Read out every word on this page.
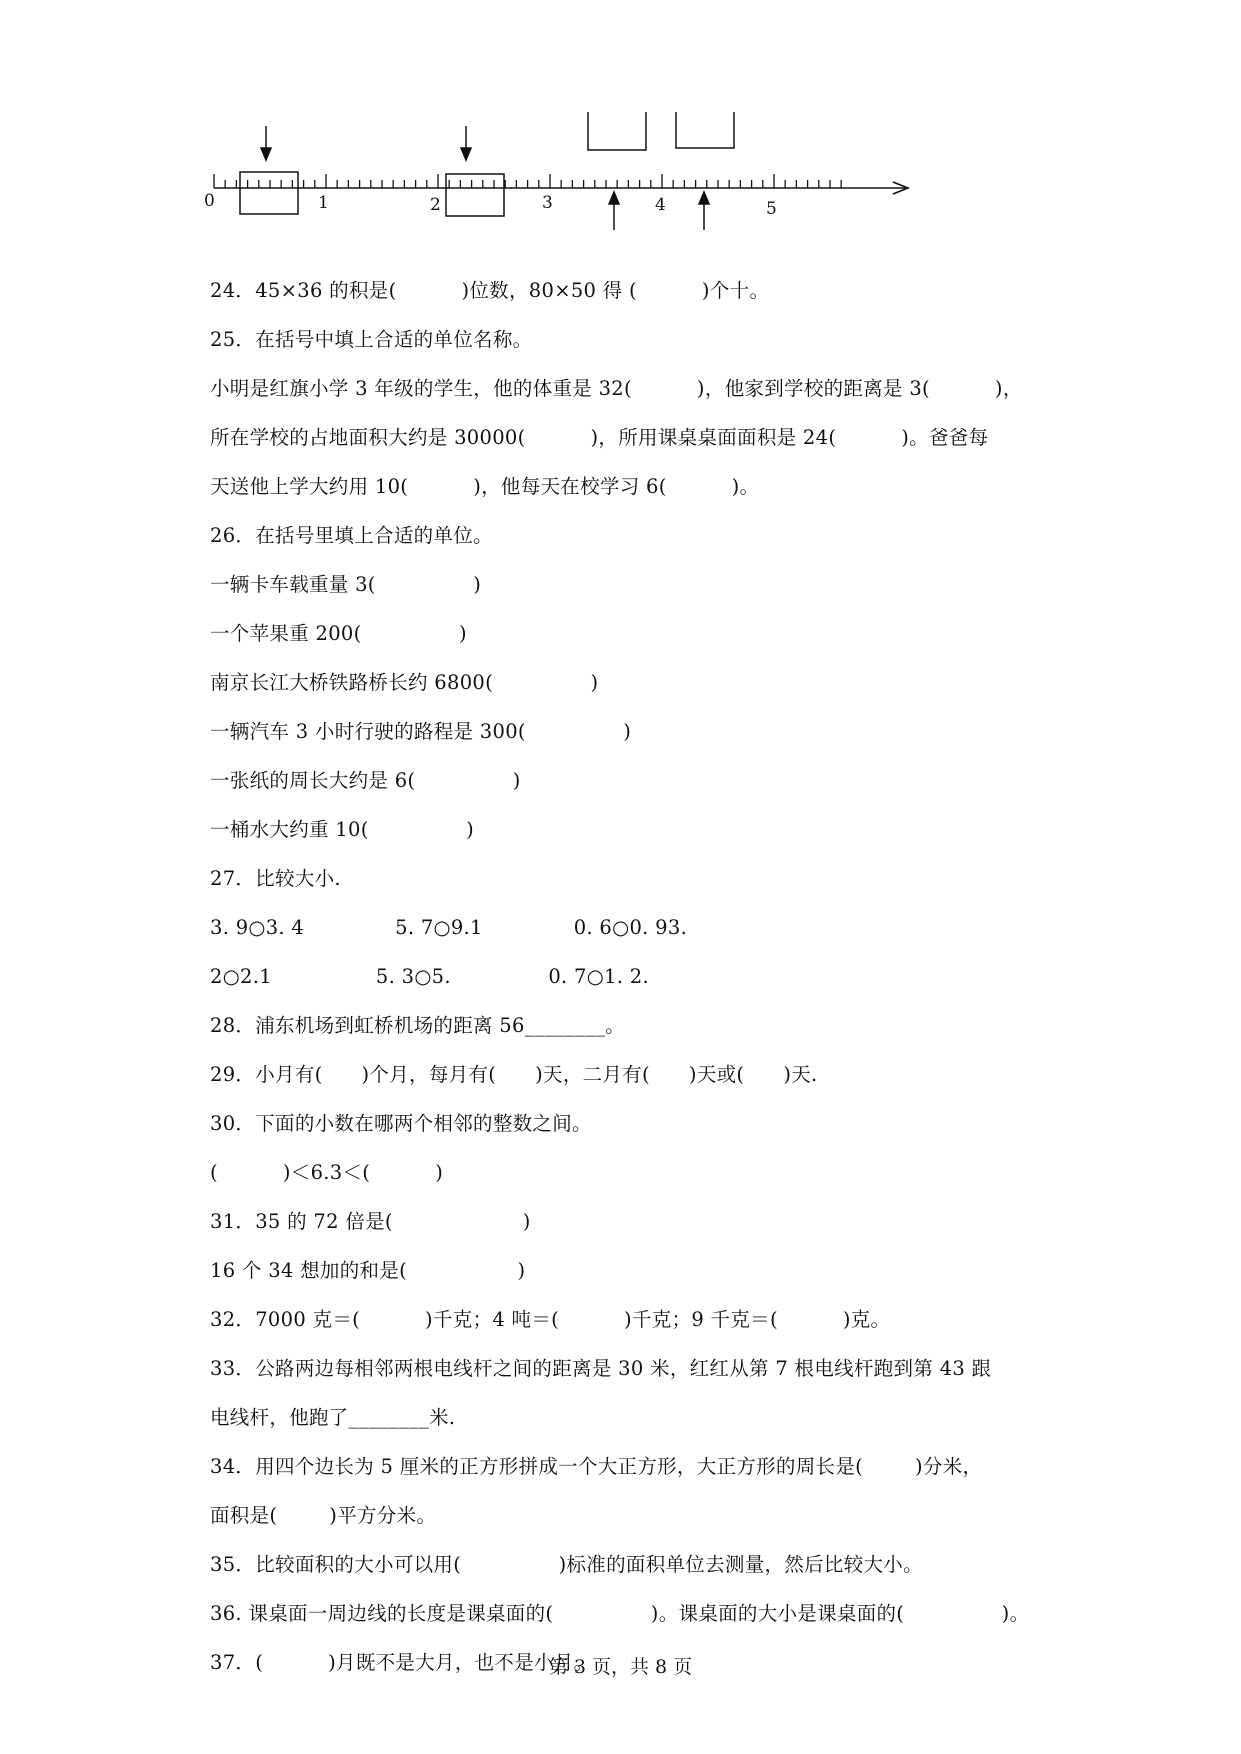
0	1	2	3	4	5
24．45×36 的积是(          )位数，80×50 得 (          )个十。
25．在括号中填上合适的单位名称。
小明是红旗小学 3 年级的学生，他的体重是 32(          )，他家到学校的距离是 3(          )，
所在学校的占地面积大约是 30000(          )，所用课桌桌面面积是 24(          )。爸爸每
天送他上学大约用 10(          )，他每天在校学习 6(          )。
26．在括号里填上合适的单位。
一辆卡车载重量 3(               )
一个苹果重 200(               )
南京长江大桥铁路桥长约 6800(               )
一辆汽车 3 小时行驶的路程是 300(               )
一张纸的周长大约是 6(               )
一桶水大约重 10(               )
27．比较大小.
3. 9○3. 4              5. 7○9.1              0. 6○0. 93.
2○2.1                5. 3○5.               0. 7○1. 2.
28．浦东机场到虹桥机场的距离 56________。
29．小月有(      )个月，每月有(      )天，二月有(      )天或(      )天.
30．下面的小数在哪两个相邻的整数之间。
(          )＜6.3＜(          )
31．35 的 72 倍是(                    )
16 个 34 想加的和是(                 )
32．7000 克＝(          )千克；4 吨＝(          )千克；9 千克＝(          )克。
33．公路两边每相邻两根电线杆之间的距离是 30 米，红红从第 7 根电线杆跑到第 43 跟
电线杆，他跑了________米.
34．用四个边长为 5 厘米的正方形拼成一个大正方形，大正方形的周长是(        )分米，
面积是(        )平方分米。
35．比较面积的大小可以用(               )标准的面积单位去测量，然后比较大小。
36. 课桌面一周边线的长度是课桌面的(               )。课桌面的大小是课桌面的(               )。
37．(          )月既不是大月，也不是小月。
第 3 页，共 8 页
